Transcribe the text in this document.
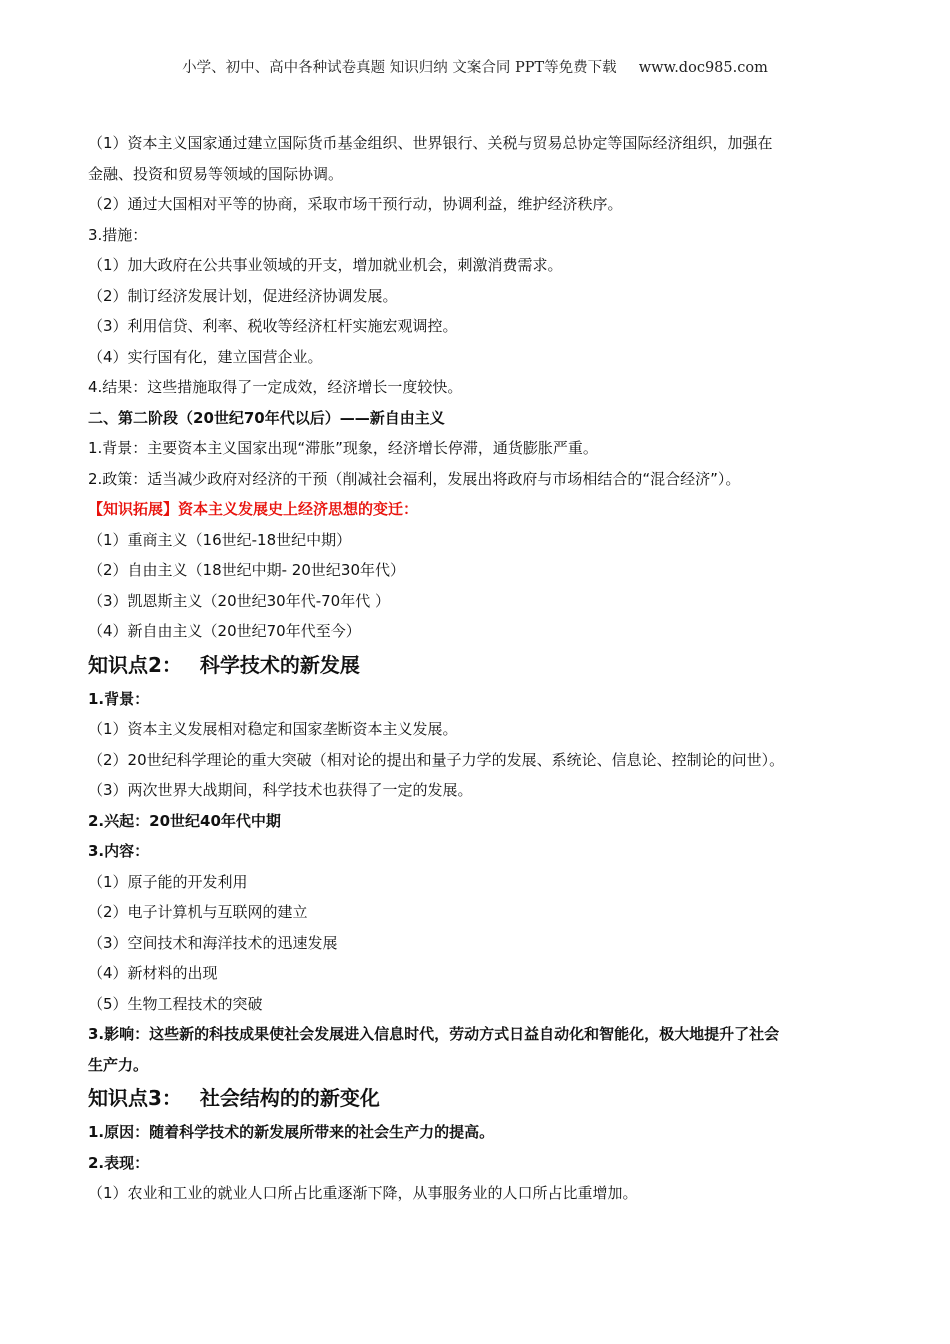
小学、初中、高中各种试卷真题 知识归纳 文案合同 PPT等免费下载 www.doc985.com
（1）资本主义国家通过建立国际货币基金组织、世界银行、关税与贸易总协定等国际经济组织，加强在
金融、投资和贸易等领域的国际协调。
（2）通过大国相对平等的协商，采取市场干预行动，协调利益，维护经济秩序。
3.措施：
（1）加大政府在公共事业领域的开支，增加就业机会，刺激消费需求。
（2）制订经济发展计划，促进经济协调发展。
（3）利用信贷、利率、税收等经济杠杆实施宏观调控。
（4）实行国有化，建立国营企业。
4.结果：这些措施取得了一定成效，经济增长一度较快。
二、第二阶段（20世纪70年代以后）——新自由主义
1.背景：主要资本主义国家出现“滞胀”现象，经济增长停滞，通货膨胀严重。
2.政策：适当减少政府对经济的干预（削减社会福利，发展出将政府与市场相结合的“混合经济”）。
【知识拓展】资本主义发展史上经济思想的变迁：
（1）重商主义（16世纪-18世纪中期）
（2）自由主义（18世纪中期- 20世纪30年代）
（3）凯恩斯主义（20世纪30年代-70年代 ）
（4）新自由主义（20世纪70年代至今）
知识点2： 科学技术的新发展
1.背景：
（1）资本主义发展相对稳定和国家垄断资本主义发展。
（2）20世纪科学理论的重大突破（相对论的提出和量子力学的发展、系统论、信息论、控制论的问世）。
（3）两次世界大战期间，科学技术也获得了一定的发展。
2.兴起：20世纪40年代中期
3.内容：
（1）原子能的开发利用
（2）电子计算机与互联网的建立
（3）空间技术和海洋技术的迅速发展
（4）新材料的出现
（5）生物工程技术的突破
3.影响：这些新的科技成果使社会发展进入信息时代，劳动方式日益自动化和智能化，极大地提升了社会
生产力。
知识点3： 社会结构的的新变化
1.原因：随着科学技术的新发展所带来的社会生产力的提高。
2.表现：
（1）农业和工业的就业人口所占比重逐渐下降，从事服务业的人口所占比重增加。
